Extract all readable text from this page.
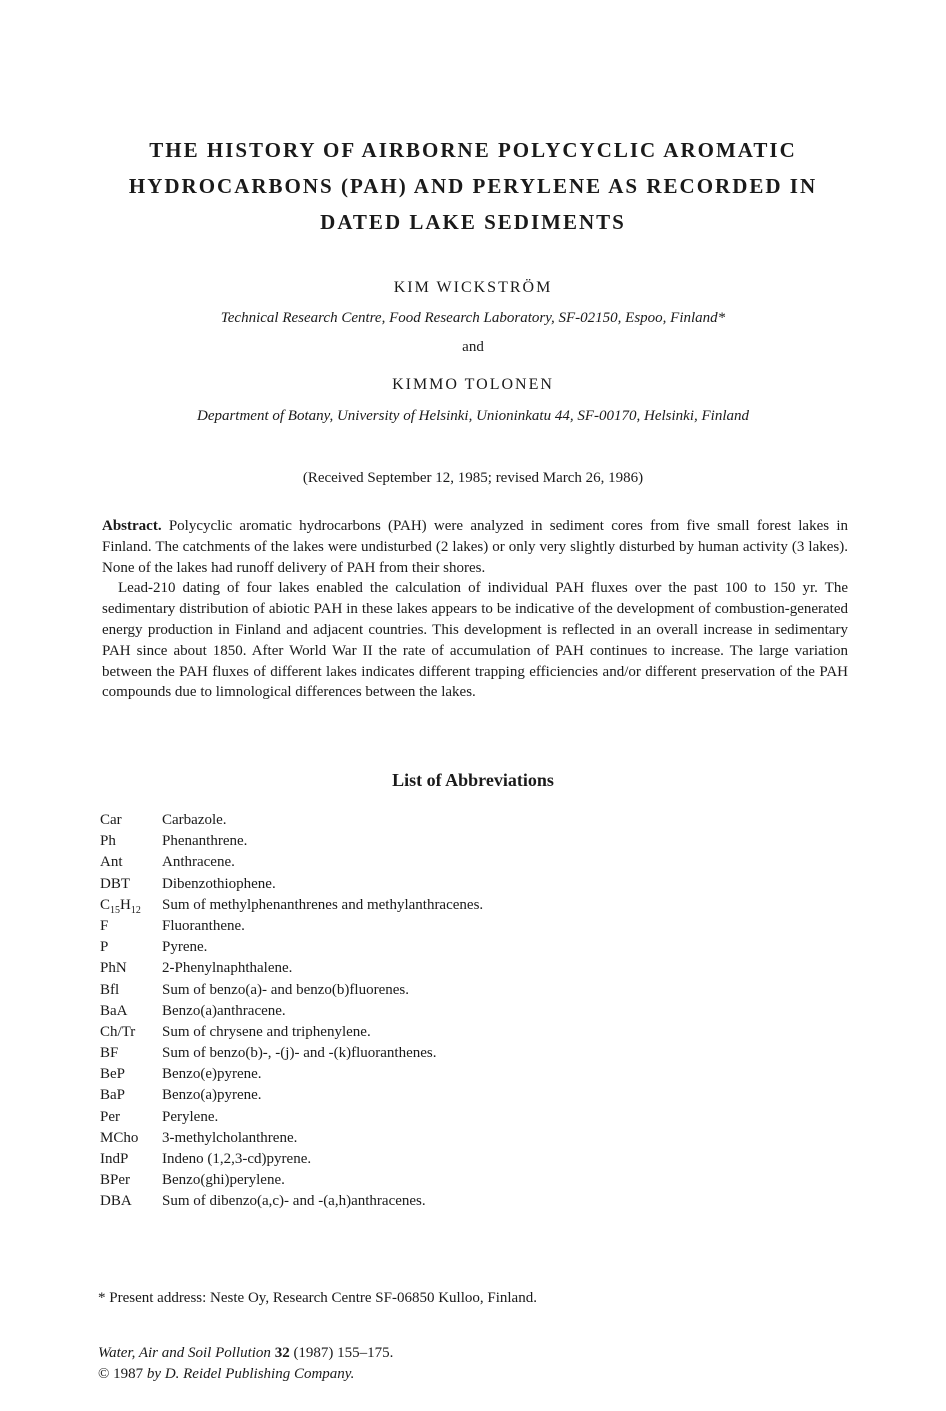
THE HISTORY OF AIRBORNE POLYCYCLIC AROMATIC
HYDROCARBONS (PAH) AND PERYLENE AS RECORDED IN
DATED LAKE SEDIMENTS
KIM WICKSTRÖM
Technical Research Centre, Food Research Laboratory, SF-02150, Espoo, Finland*
and
KIMMO TOLONEN
Department of Botany, University of Helsinki, Unioninkatu 44, SF-00170, Helsinki, Finland
(Received September 12, 1985; revised March 26, 1986)

Abstract. Polycyclic aromatic hydrocarbons (PAH) were analyzed in sediment cores from five small forest lakes in Finland. The catchments of the lakes were undisturbed (2 lakes) or only very slightly disturbed by human activity (3 lakes). None of the lakes had runoff delivery of PAH from their shores.

Lead-210 dating of four lakes enabled the calculation of individual PAH fluxes over the past 100 to 150 yr. The sedimentary distribution of abiotic PAH in these lakes appears to be indicative of the development of combustion-generated energy production in Finland and adjacent countries. This development is reflected in an overall increase in sedimentary PAH since about 1850. After World War II the rate of accumulation of PAH continues to increase. The large variation between the PAH fluxes of different lakes indicates different trapping efficiencies and/or different preservation of the PAH compounds due to limnological differences between the lakes.

List of Abbreviations
Car	Carbazole.
Ph	Phenanthrene.
Ant	Anthracene.
DBT Dibenzothiophene.
$C_{15}H_{12}$ Sum of methylphenanthrenes and methylanthracenes.
F	Fluoranthene.
P	Pyrene.
PhN 2-Phenylnaphthalene.
Bfl	Sum of benzo(a)- and benzo(b)fluorenes.
BaA Benzo(a)anthracene.
Ch/Tr Sum of chrysene and triphenylene.
BF	Sum of benzo(b)-, -(j)- and -(k)fluoranthenes.
BeP Benzo(e)pyrene.
BaP Benzo(a)pyrene.
Per	Perylene.
MCho 3-methylcholanthrene.
IndP Indeno (1,2,3-cd)pyrene.
BPer Benzo(ghi)perylene.
DBA Sum of dibenzo(a,c)- and -(a,h)anthracenes.
* Present address: Neste Oy, Research Centre SF-06850 Kulloo, Finland.
Water, Air and Soil Pollution 32 (1987) 155–175.
© 1987 by D. Reidel Publishing Company.
